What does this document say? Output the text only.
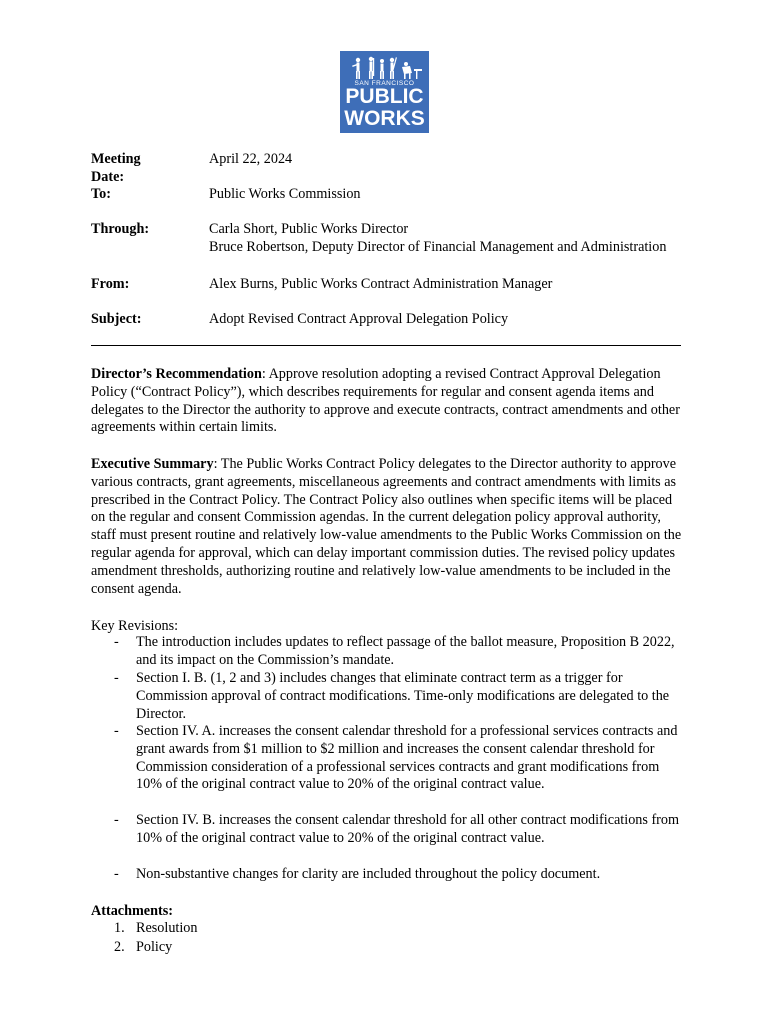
SAN FRANCISCO
PUBLIC
WORKS
Meeting Date:
April 22, 2024
To:	Public Works Commission
Through:	Carla Short, Public Works Director
Bruce Robertson, Deputy Director of Financial Management and Administration
From:	Alex Burns, Public Works Contract Administration Manager
Subject:	Adopt Revised Contract Approval Delegation Policy
Director’s Recommendation: Approve resolution adopting a revised Contract Approval Delegation Policy (“Contract Policy”), which describes requirements for regular and consent agenda items and delegates to the Director the authority to approve and execute contracts, contract amendments and other agreements within certain limits.
Executive Summary: The Public Works Contract Policy delegates to the Director authority to approve various contracts, grant agreements, miscellaneous agreements and contract amendments with limits as prescribed in the Contract Policy. The Contract Policy also outlines when specific items will be placed on the regular and consent Commission agendas. In the current delegation policy approval authority, staff must present routine and relatively low-value amendments to the Public Works Commission on the regular agenda for approval, which can delay important commission duties. The revised policy updates amendment thresholds, authorizing routine and relatively low-value amendments to be included in the consent agenda.
Key Revisions:
- The introduction includes updates to reflect passage of the ballot measure, Proposition B 2022, and its impact on the Commission’s mandate.
- Section I. B. (1, 2 and 3) includes changes that eliminate contract term as a trigger for Commission approval of contract modifications. Time-only modifications are delegated to the Director.
- Section IV. A. increases the consent calendar threshold for a professional services contracts and grant awards from $1 million to $2 million and increases the consent calendar threshold for Commission consideration of a professional services contracts and grant modifications from 10% of the original contract value to 20% of the original contract value.
- Section IV. B. increases the consent calendar threshold for all other contract modifications from 10% of the original contract value to 20% of the original contract value.
- Non-substantive changes for clarity are included throughout the policy document.
Attachments:
1. Resolution
2. Policy
